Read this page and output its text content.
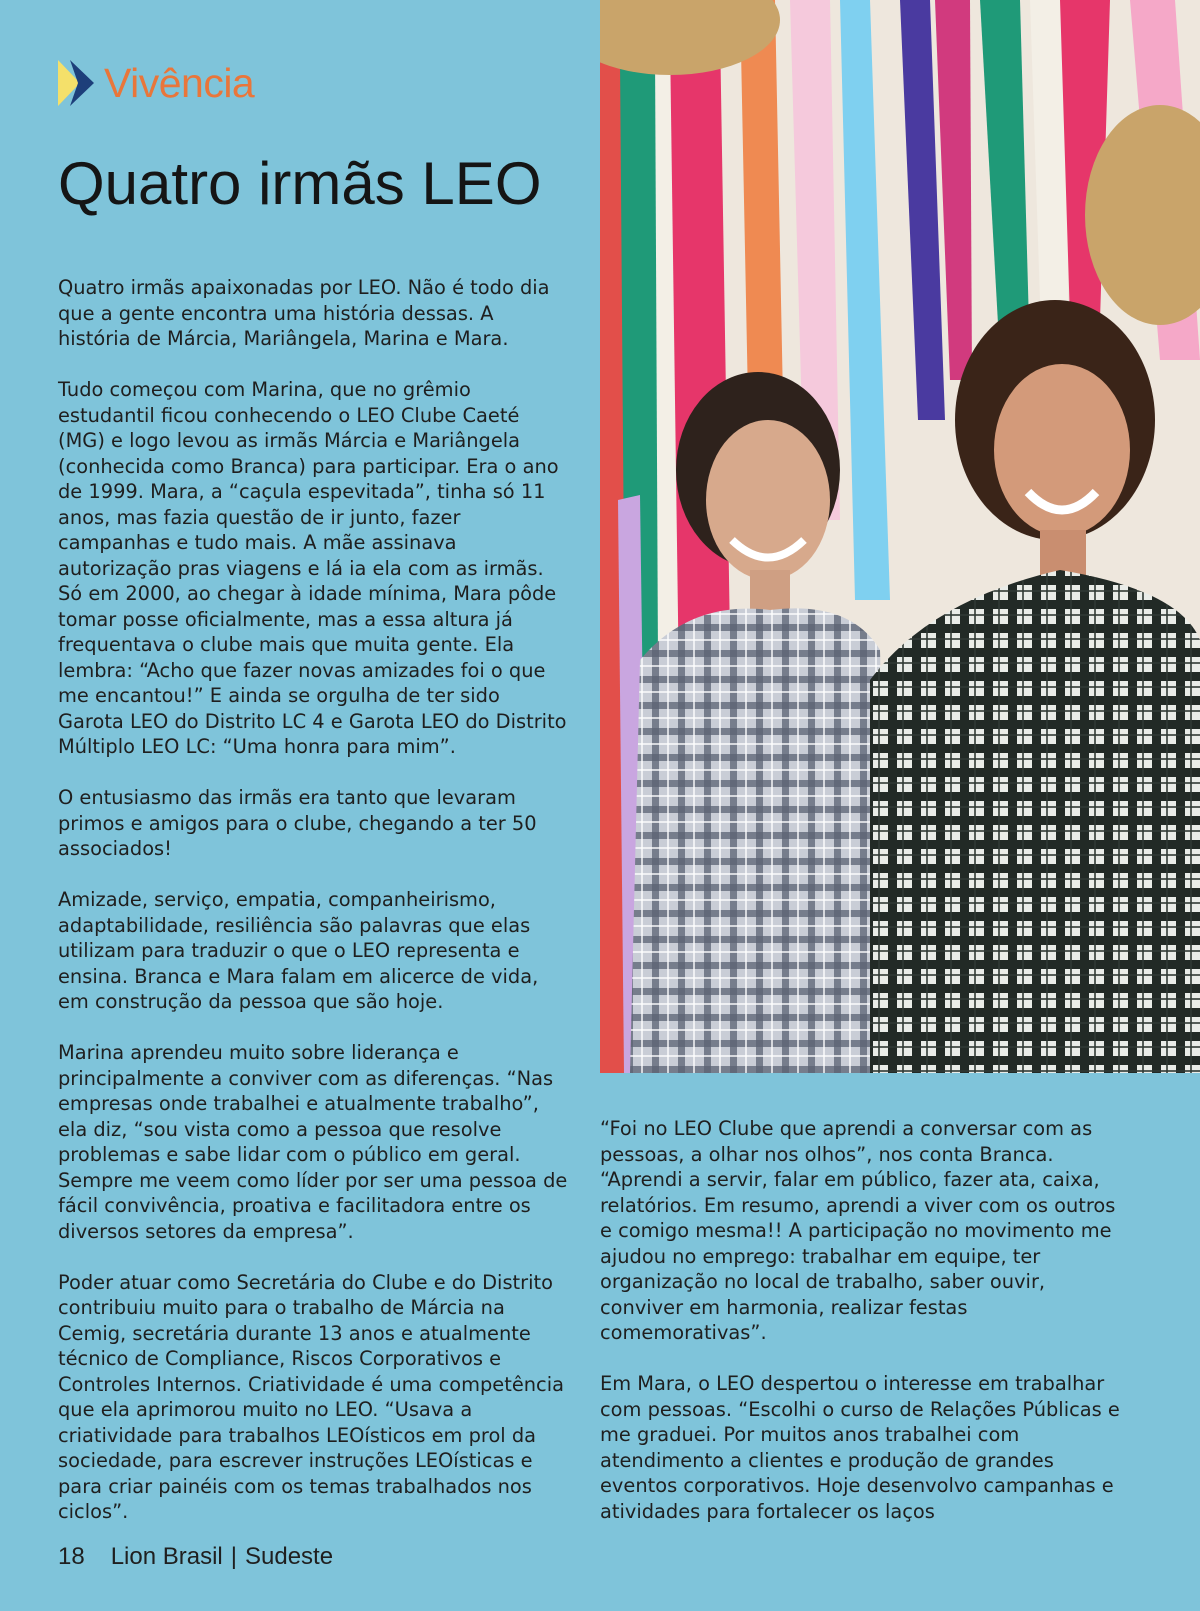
Vivência
Quatro irmãs LEO

Quatro irmãs apaixonadas por LEO. Não é todo dia que a gente encontra uma história dessas. A história de Márcia, Mariângela, Marina e Mara.

Tudo começou com Marina, que no grêmio estudantil ficou conhecendo o LEO Clube Caeté (MG) e logo levou as irmãs Márcia e Mariângela (conhecida como Branca) para participar. Era o ano de 1999. Mara, a “caçula espevitada”, tinha só 11 anos, mas fazia questão de ir junto, fazer campanhas e tudo mais. A mãe assinava autorização pras viagens e lá ia ela com as irmãs. Só em 2000, ao chegar à idade mínima, Mara pôde tomar posse oficialmente, mas a essa altura já frequentava o clube mais que muita gente. Ela lembra: “Acho que fazer novas amizades foi o que me encantou!” E ainda se orgulha de ter sido Garota LEO do Distrito LC 4 e Garota LEO do Distrito Múltiplo LEO LC: “Uma honra para mim”.

O entusiasmo das irmãs era tanto que levaram primos e amigos para o clube, chegando a ter 50 associados!

Amizade, serviço, empatia, companheirismo, adaptabilidade, resiliência são palavras que elas utilizam para traduzir o que o LEO representa e ensina. Branca e Mara falam em alicerce de vida, em construção da pessoa que são hoje.

Marina aprendeu muito sobre liderança e principalmente a conviver com as diferenças. “Nas empresas onde trabalhei e atualmente trabalho”, ela diz, “sou vista como a pessoa que resolve problemas e sabe lidar com o público em geral. Sempre me veem como líder por ser uma pessoa de fácil convivência, proativa e facilitadora entre os diversos setores da empresa”.

Poder atuar como Secretária do Clube e do Distrito contribuiu muito para o trabalho de Márcia na Cemig, secretária durante 13 anos e atualmente técnico de Compliance, Riscos Corporativos e Controles Internos. Criatividade é uma competência que ela aprimorou muito no LEO. “Usava a criatividade para trabalhos LEOísticos em prol da sociedade, para escrever instruções LEOísticas e para criar painéis com os temas trabalhados nos ciclos”.

“Foi no LEO Clube que aprendi a conversar com as pessoas, a olhar nos olhos”, nos conta Branca. “Aprendi a servir, falar em público, fazer ata, caixa, relatórios. Em resumo, aprendi a viver com os outros e comigo mesma!! A participação no movimento me ajudou no emprego: trabalhar em equipe, ter organização no local de trabalho, saber ouvir, conviver em harmonia, realizar festas comemorativas”.

Em Mara, o LEO despertou o interesse em trabalhar com pessoas. “Escolhi o curso de Relações Públicas e me graduei. Por muitos anos trabalhei com atendimento a clientes e produção de grandes eventos corporativos. Hoje desenvolvo campanhas e atividades para fortalecer os laços

18 Lion Brasil | Sudeste
